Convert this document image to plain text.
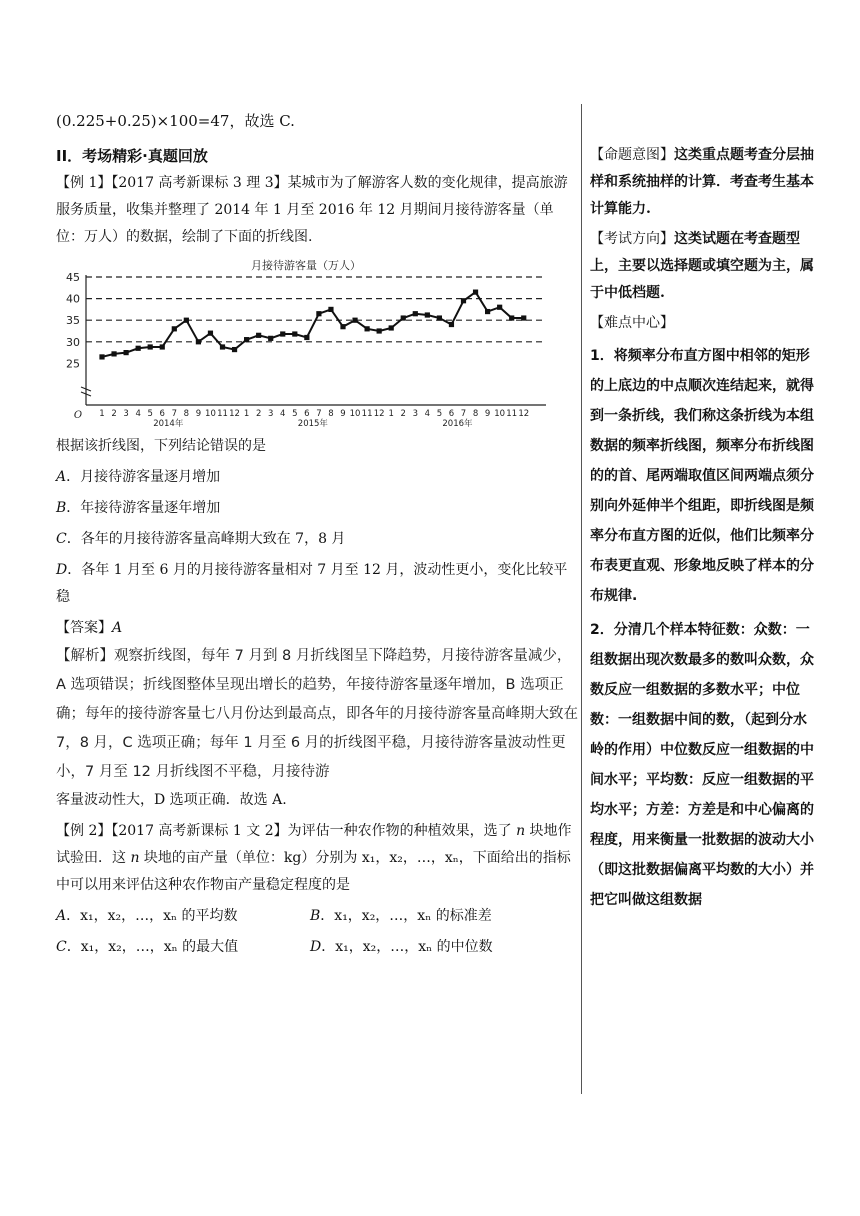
(0.225+0.25)×100=47，故选 C.

II．考场精彩·真题回放

【例 1】【2017 高考新课标 3 理 3】某城市为了解游客人数的变化规律，提高旅游服务质量，收集并整理了 2014 年 1 月至 2016 年 12 月期间月接待游客量（单位：万人）的数据，绘制了下面的折线图.

月接待游客量（万人）
25
30
35
40
45
O 1 2 3 4 5 6 7 8 9 10 11 12 1 2 3 4 5 6 7 8 9 10 11 12 1 2 3 4 5 6 7 8 9 10 11 12
2014年	2015年	2016年

根据该折线图，下列结论错误的是

A．月接待游客量逐月增加

B．年接待游客量逐年增加

C．各年的月接待游客量高峰期大致在 7，8 月

D．各年 1 月至 6 月的月接待游客量相对 7 月至 12 月，波动性更小，变化比较平稳

【答案】A

【解析】观察折线图，每年 7 月到 8 月折线图呈下降趋势，月接待游客量减少，A 选项错误；折线图整体呈现出增长的趋势，年接待游客量逐年增加，B 选项正确；每年的接待游客量七八月份达到最高点，即各年的月接待游客量高峰期大致在 7，8 月，C 选项正确；每年 1 月至 6 月的折线图平稳，月接待游客量波动性更小，7 月至 12 月折线图不平稳，月接待游

客量波动性大，D 选项正确．故选 A.

【例 2】【2017 高考新课标 1 文 2】为评估一种农作物的种植效果，选了 n 块地作试验田．这 n 块地的亩产量（单位：kg）分别为 x₁，x₂，…，xₙ，下面给出的指标中可以用来评估这种农作物亩产量稳定程度的是

A．x₁，x₂，…，xₙ 的平均数	B．x₁，x₂，…，xₙ 的标准差
C．x₁，x₂，…，xₙ 的最大值	D．x₁，x₂，…，xₙ 的中位数

【命题意图】这类重点题考查分层抽样和系统抽样的计算．考查考生基本计算能力.

【考试方向】这类试题在考查题型上，主要以选择题或填空题为主，属于中低档题.

【难点中心】

1．将频率分布直方图中相邻的矩形的上底边的中点顺次连结起来，就得到一条折线，我们称这条折线为本组数据的频率折线图，频率分布折线图的的首、尾两端取值区间两端点须分别向外延伸半个组距，即折线图是频率分布直方图的近似，他们比频率分布表更直观、形象地反映了样本的分布规律.

2．分清几个样本特征数：众数：一组数据出现次数最多的数叫众数，众数反应一组数据的多数水平；中位数：一组数据中间的数，（起到分水岭的作用）中位数反应一组数据的中间水平；平均数：反应一组数据的平均水平；方差：方差是和中心偏离的程度，用来衡量一批数据的波动大小（即这批数据偏离平均数的大小）并把它叫做这组数据
